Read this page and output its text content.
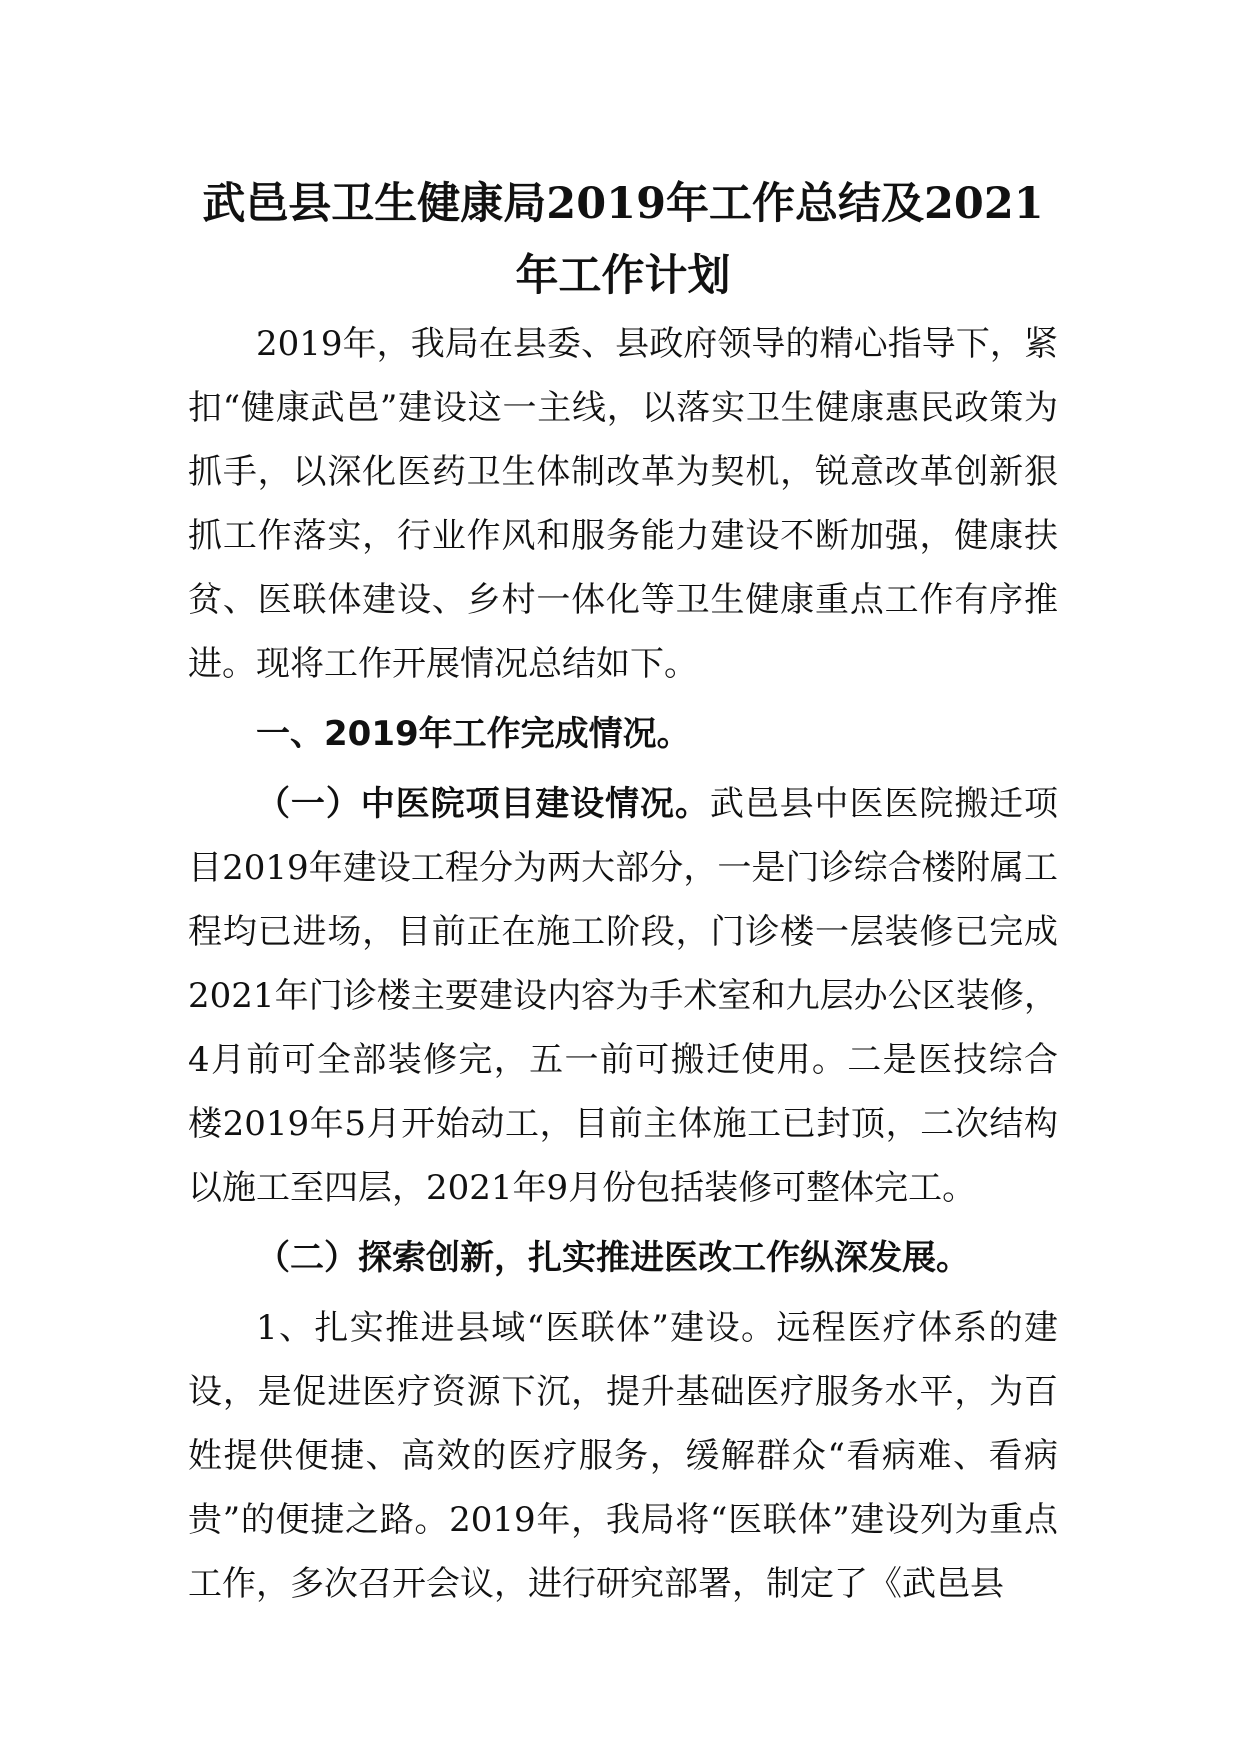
武邑县卫生健康局2019年工作总结及2021年工作计划

2019年，我局在县委、县政府领导的精心指导下，紧扣“健康武邑”建设这一主线，以落实卫生健康惠民政策为抓手，以深化医药卫生体制改革为契机，锐意改革创新狠抓工作落实，行业作风和服务能力建设不断加强，健康扶贫、医联体建设、乡村一体化等卫生健康重点工作有序推进。现将工作开展情况总结如下。

一、2019年工作完成情况。

（一）中医院项目建设情况。武邑县中医医院搬迁项目2019年建设工程分为两大部分，一是门诊综合楼附属工程均已进场，目前正在施工阶段，门诊楼一层装修已完成2021年门诊楼主要建设内容为手术室和九层办公区装修，4月前可全部装修完，五一前可搬迁使用。二是医技综合楼2019年5月开始动工，目前主体施工已封顶，二次结构以施工至四层，2021年9月份包括装修可整体完工。

（二）探索创新，扎实推进医改工作纵深发展。

1、扎实推进县域“医联体”建设。远程医疗体系的建设，是促进医疗资源下沉，提升基础医疗服务水平，为百姓提供便捷、高效的医疗服务，缓解群众“看病难、看病贵”的便捷之路。2019年，我局将“医联体”建设列为重点工作，多次召开会议，进行研究部署，制定了《武邑县
